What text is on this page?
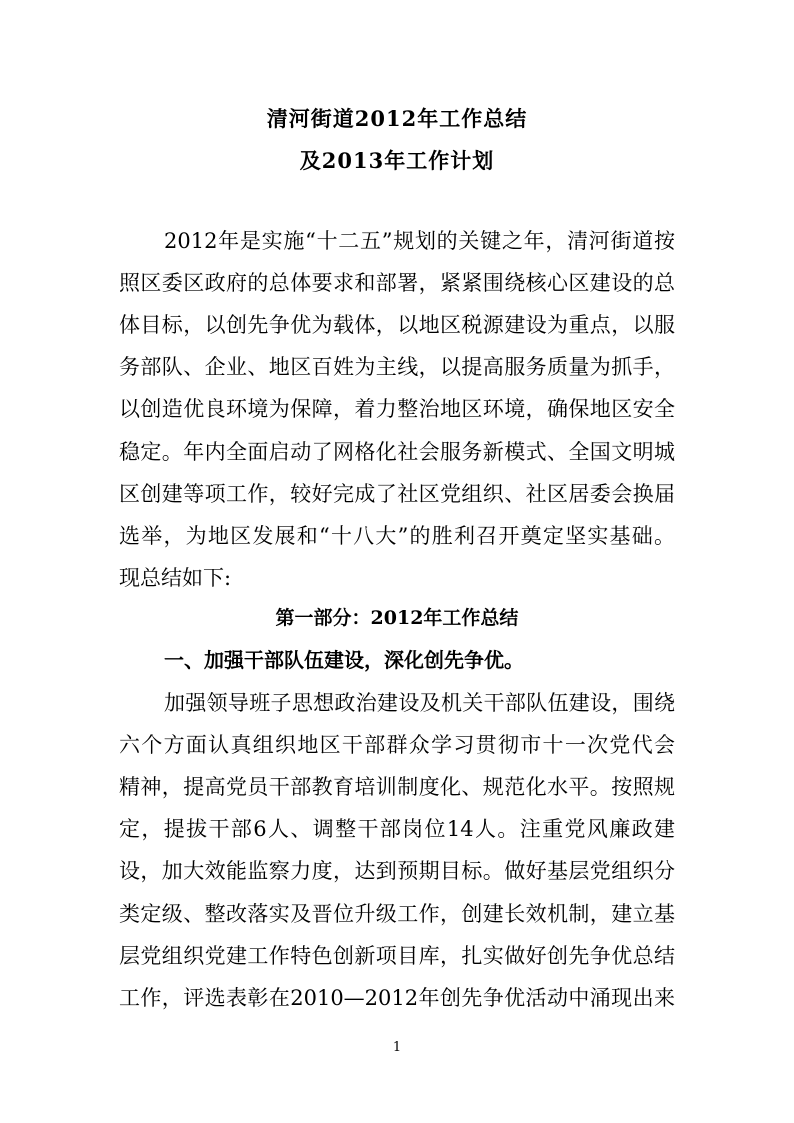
清河街道2012年工作总结
及2013年工作计划
2012年是实施“十二五”规划的关键之年，清河街道按
照区委区政府的总体要求和部署，紧紧围绕核心区建设的总
体目标，以创先争优为载体，以地区税源建设为重点，以服
务部队、企业、地区百姓为主线，以提高服务质量为抓手，
以创造优良环境为保障，着力整治地区环境，确保地区安全
稳定。年内全面启动了网格化社会服务新模式、全国文明城
区创建等项工作，较好完成了社区党组织、社区居委会换届
选举，为地区发展和“十八大”的胜利召开奠定坚实基础。
现总结如下:
第一部分：2012年工作总结
一、加强干部队伍建设，深化创先争优。
加强领导班子思想政治建设及机关干部队伍建设，围绕
六个方面认真组织地区干部群众学习贯彻市十一次党代会
精神，提高党员干部教育培训制度化、规范化水平。按照规
定，提拔干部6人、调整干部岗位14人。注重党风廉政建
设，加大效能监察力度，达到预期目标。做好基层党组织分
类定级、整改落实及晋位升级工作，创建长效机制，建立基
层党组织党建工作特色创新项目库，扎实做好创先争优总结
工作，评选表彰在2010—2012年创先争优活动中涌现出来
1
